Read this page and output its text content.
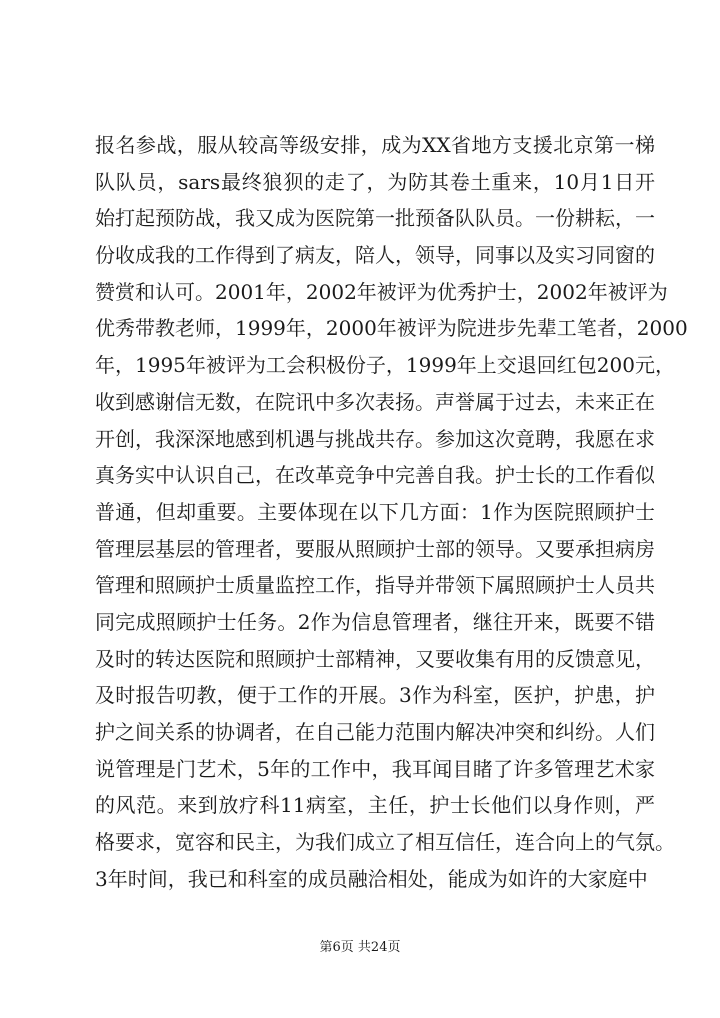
报名参战，服从较高等级安排，成为XX省地方支援北京第一梯
队队员，sars最终狼狈的走了，为防其卷土重来，10月1日开
始打起预防战，我又成为医院第一批预备队队员。一份耕耘，一
份收成我的工作得到了病友，陪人，领导，同事以及实习同窗的
赞赏和认可。2001年，2002年被评为优秀护士，2002年被评为
优秀带教老师，1999年，2000年被评为院进步先辈工笔者，2000
年，1995年被评为工会积极份子，1999年上交退回红包200元，
收到感谢信无数，在院讯中多次表扬。声誉属于过去，未来正在
开创，我深深地感到机遇与挑战共存。参加这次竟聘，我愿在求
真务实中认识自己，在改革竞争中完善自我。护士长的工作看似
普通，但却重要。主要体现在以下几方面：1作为医院照顾护士
管理层基层的管理者，要服从照顾护士部的领导。又要承担病房
管理和照顾护士质量监控工作，指导并带领下属照顾护士人员共
同完成照顾护士任务。2作为信息管理者，继往开来，既要不错
及时的转达医院和照顾护士部精神，又要收集有用的反馈意见，
及时报告叨教，便于工作的开展。3作为科室，医护，护患，护
护之间关系的协调者，在自己能力范围内解决冲突和纠纷。人们
说管理是门艺术，5年的工作中，我耳闻目睹了许多管理艺术家
的风范。来到放疗科11病室，主任，护士长他们以身作则，严
格要求，宽容和民主，为我们成立了相互信任，连合向上的气氛。
3年时间，我已和科室的成员融洽相处，能成为如许的大家庭中
第6页 共24页
